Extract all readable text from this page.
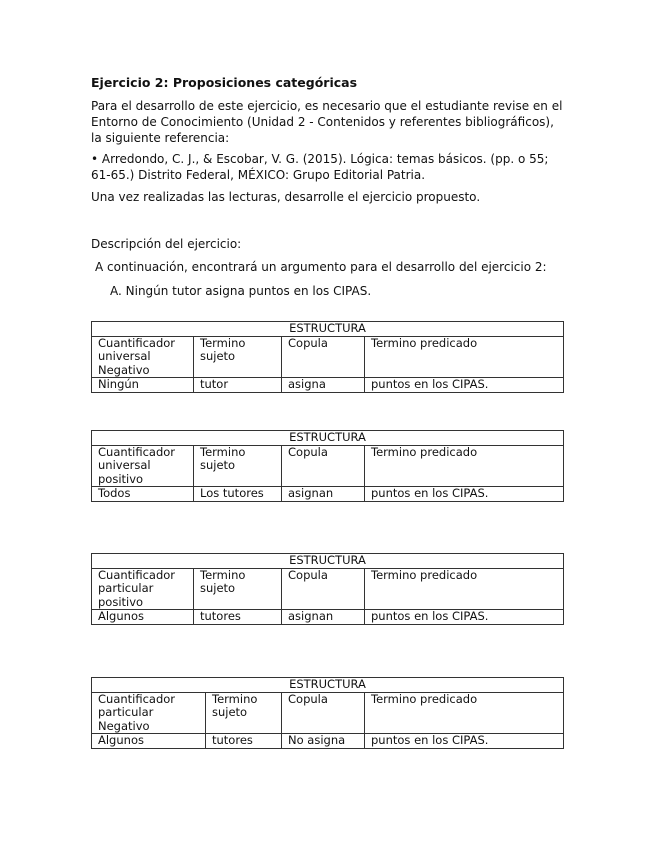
Ejercicio 2: Proposiciones categóricas
Para el desarrollo de este ejercicio, es necesario que el estudiante revise en el Entorno de Conocimiento (Unidad 2 - Contenidos y referentes bibliográficos), la siguiente referencia:
• Arredondo, C. J., & Escobar, V. G. (2015). Lógica: temas básicos. (pp. o 55; 61-65.) Distrito Federal, MÉXICO: Grupo Editorial Patria.
Una vez realizadas las lecturas, desarrolle el ejercicio propuesto.
Descripción del ejercicio:
A continuación, encontrará un argumento para el desarrollo del ejercicio 2:
A. Ningún tutor asigna puntos en los CIPAS.
ESTRUCTURA			
Cuantificador universal Negativo	Termino sujeto	Copula	Termino predicado
Ningún	tutor	asigna	puntos en los CIPAS.
ESTRUCTURA			
Cuantificador universal positivo	Termino sujeto	Copula	Termino predicado
Todos	Los tutores	asignan	puntos en los CIPAS.
ESTRUCTURA			
Cuantificador particular positivo	Termino sujeto	Copula	Termino predicado
Algunos	tutores	asignan	puntos en los CIPAS.
ESTRUCTURA			
Cuantificador particular Negativo	Termino sujeto	Copula	Termino predicado
Algunos	tutores	No asigna	puntos en los CIPAS.
